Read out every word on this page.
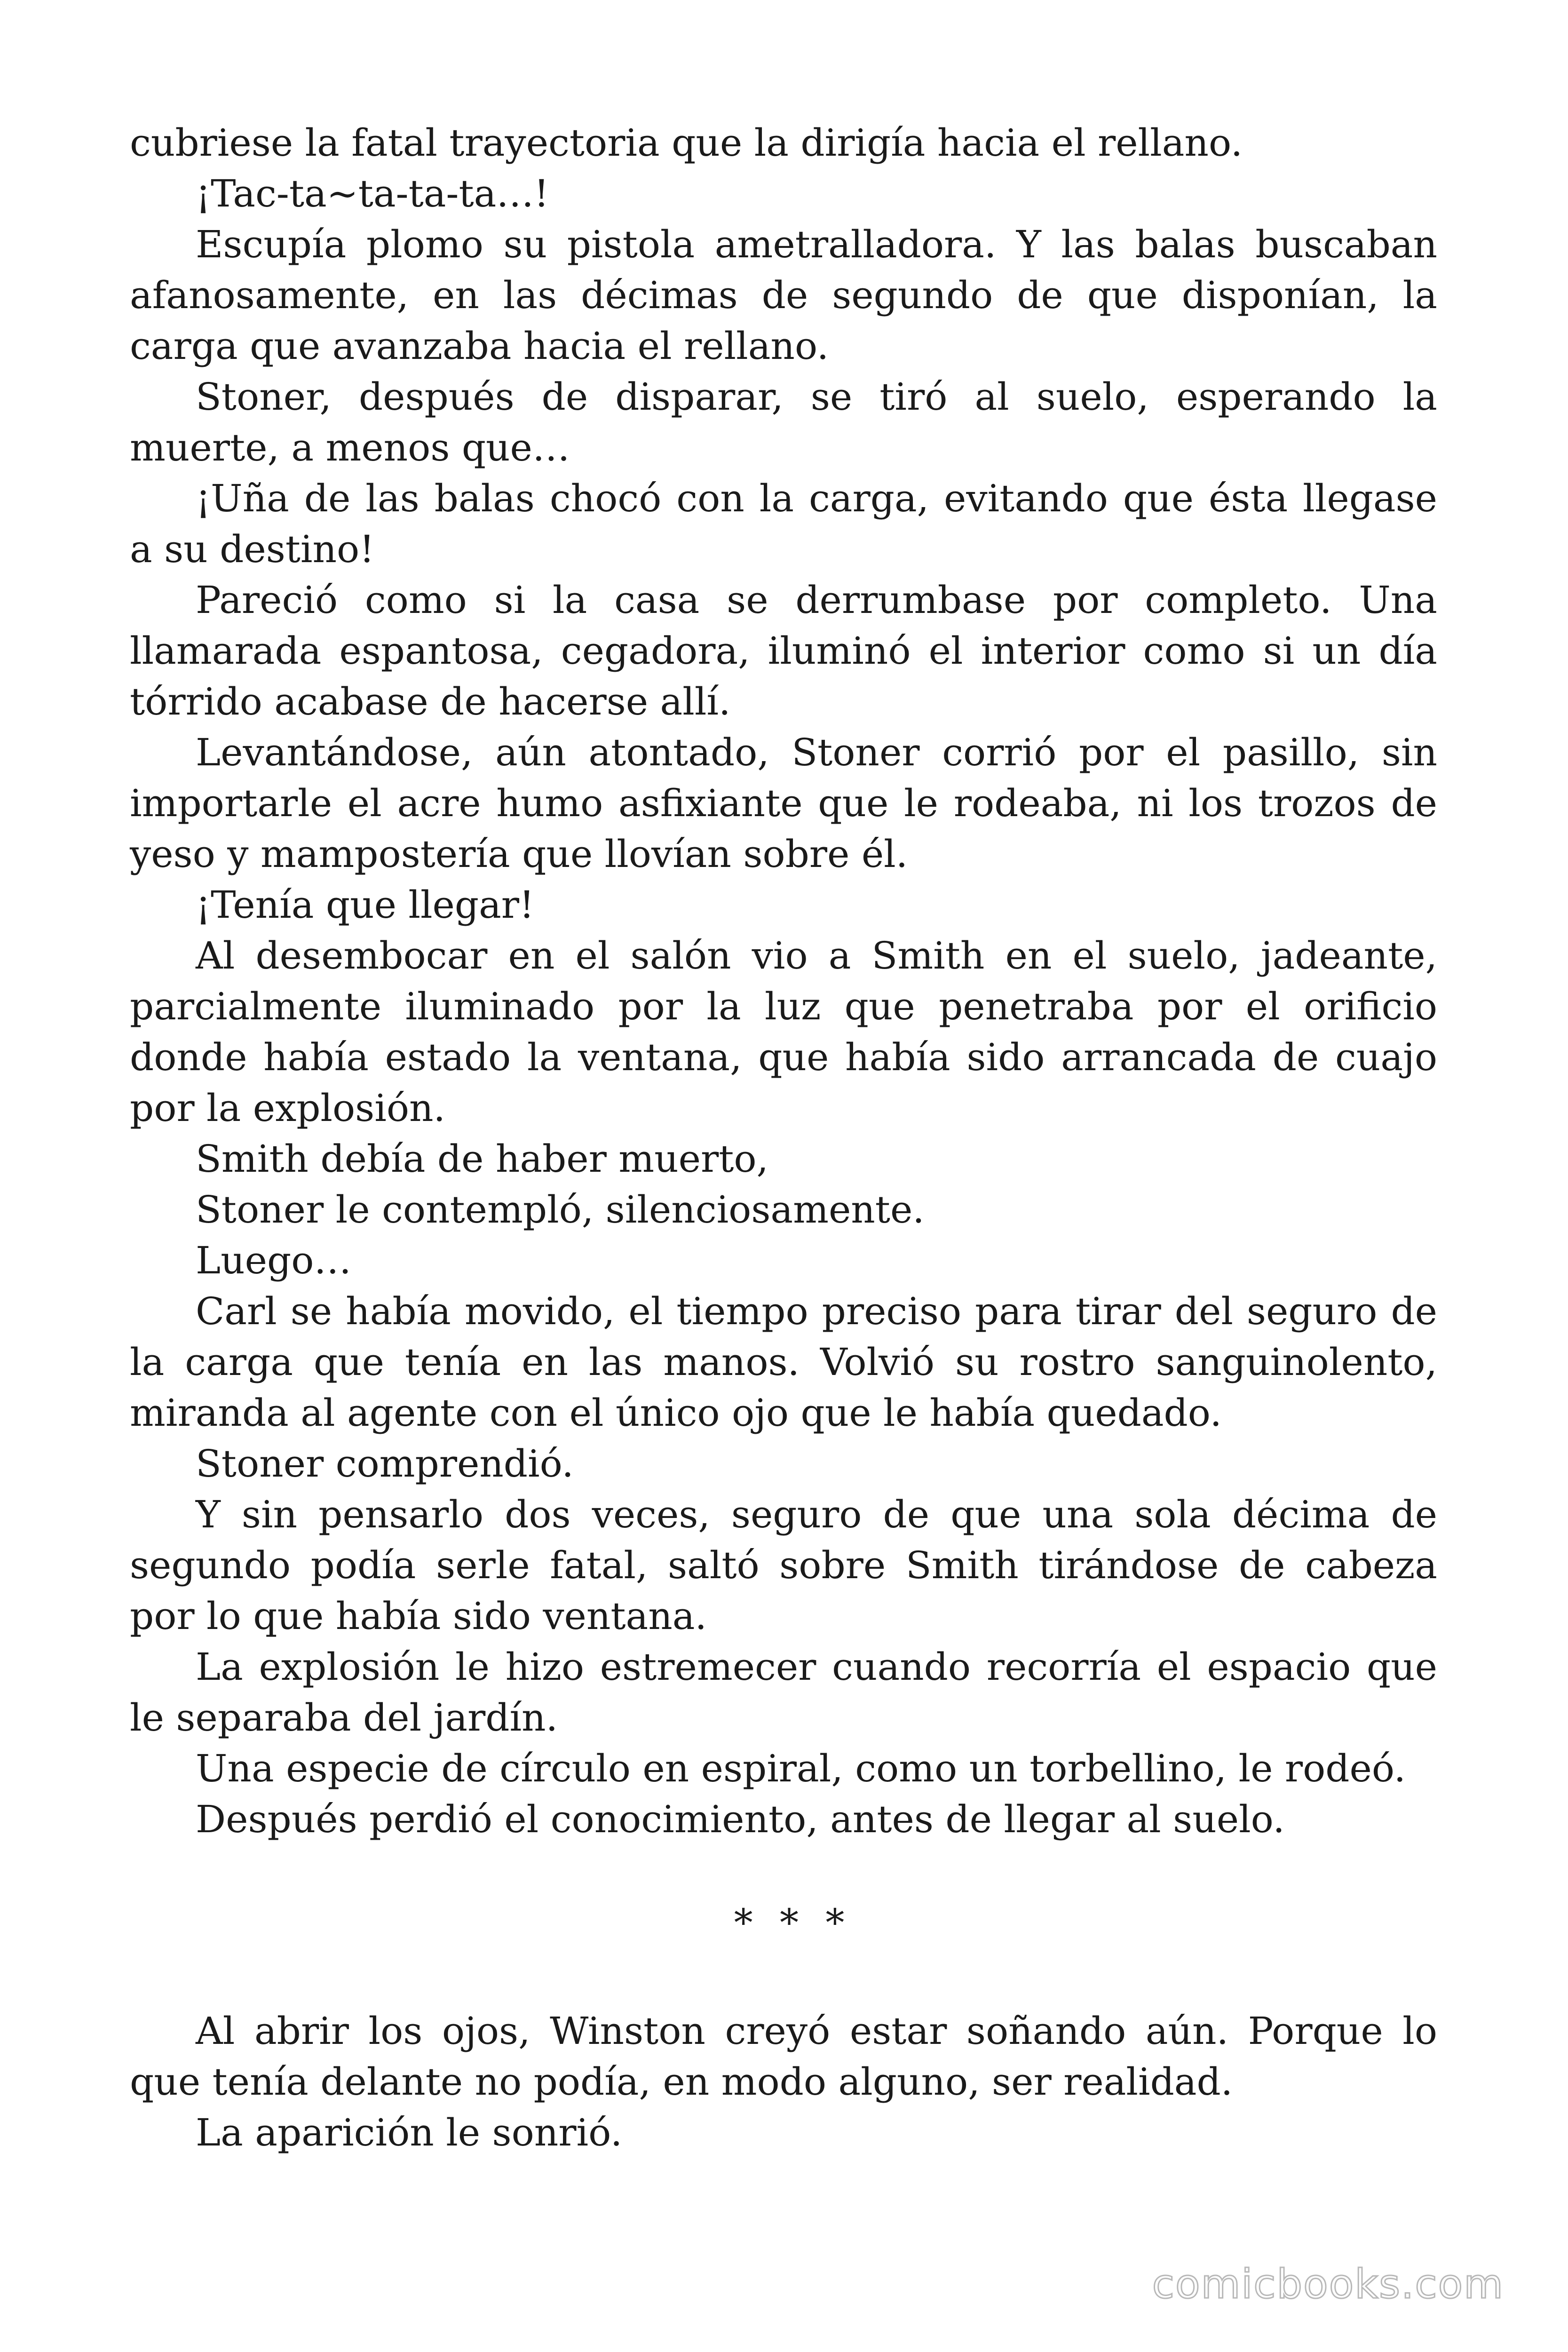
cubriese la fatal trayectoria que la dirigía hacia el rellano.

¡Tac-ta~ta-ta-ta…!

Escupía plomo su pistola ametralladora. Y las balas buscaban afanosamente, en las décimas de segundo de que disponían, la carga que avanzaba hacia el rellano.

Stoner, después de disparar, se tiró al suelo, esperando la muerte, a menos que…

¡Uña de las balas chocó con la carga, evitando que ésta llegase a su destino!

Pareció como si la casa se derrumbase por completo. Una llamarada espantosa, cegadora, iluminó el interior como si un día tórrido acabase de hacerse allí.

Levantándose, aún atontado, Stoner corrió por el pasillo, sin importarle el acre humo asfixiante que le rodeaba, ni los trozos de yeso y mampostería que llovían sobre él.

¡Tenía que llegar!

Al desembocar en el salón vio a Smith en el suelo, jadeante, parcialmente iluminado por la luz que penetraba por el orificio donde había estado la ventana, que había sido arrancada de cuajo por la explosión.

Smith debía de haber muerto,

Stoner le contempló, silenciosamente.

Luego…

Carl se había movido, el tiempo preciso para tirar del seguro de la carga que tenía en las manos. Volvió su rostro sanguinolento, miranda al agente con el único ojo que le había quedado.

Stoner comprendió.

Y sin pensarlo dos veces, seguro de que una sola décima de segundo podía serle fatal, saltó sobre Smith tirándose de cabeza por lo que había sido ventana.

La explosión le hizo estremecer cuando recorría el espacio que le separaba del jardín.

Una especie de círculo en espiral, como un torbellino, le rodeó.

Después perdió el conocimiento, antes de llegar al suelo.

* * *

Al abrir los ojos, Winston creyó estar soñando aún. Porque lo que tenía delante no podía, en modo alguno, ser realidad.

La aparición le sonrió.

comicbooks.com
